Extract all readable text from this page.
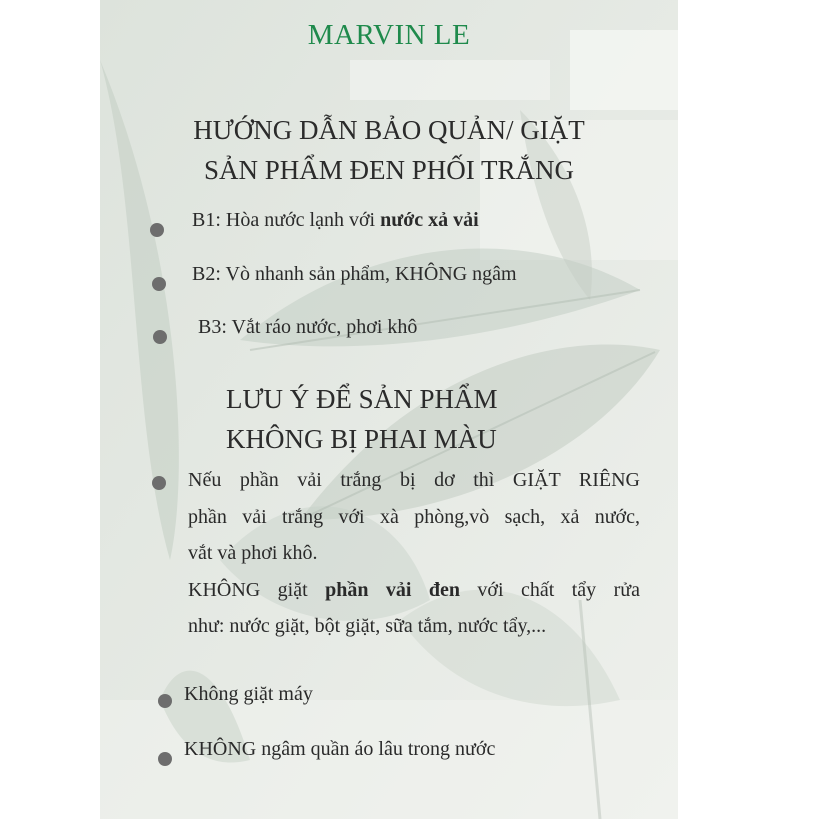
MARVIN LE
HƯỚNG DẪN BẢO QUẢN/ GIẶT
SẢN PHẨM ĐEN PHỐI TRẮNG
B1: Hòa nước lạnh với nước xả vải
B2: Vò nhanh sản phẩm, KHÔNG ngâm
B3: Vắt ráo nước, phơi khô
LƯU Ý ĐỂ SẢN PHẨM
KHÔNG BỊ PHAI MÀU
Nếu phần vải trắng bị dơ thì GIẶT RIÊNG
phần vải trắng với xà phòng,vò sạch, xả nước,
vắt và phơi khô.
KHÔNG giặt phần vải đen với chất tẩy rửa
như: nước giặt, bột giặt, sữa tắm, nước tẩy,...
Không giặt máy
KHÔNG ngâm quần áo lâu trong nước
